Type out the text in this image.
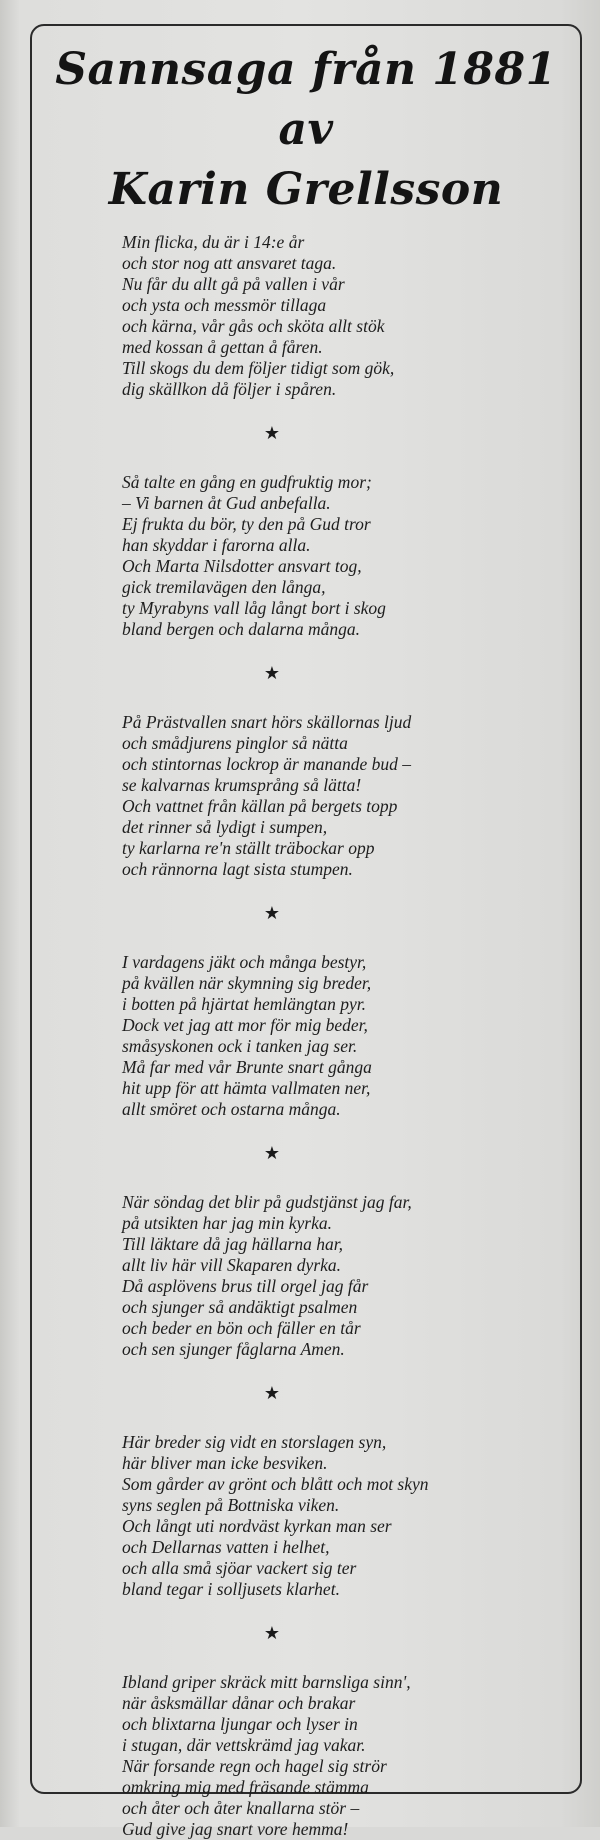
Sannsaga från 1881
av
Karin Grellsson
Min flicka, du är i 14:e år
och stor nog att ansvaret taga.
Nu får du allt gå på vallen i vår
och ysta och messmör tillaga
och kärna, vår gås och sköta allt stök
med kossan å gettan å fåren.
Till skogs du dem följer tidigt som gök,
dig skällkon då följer i spåren.
★
Så talte en gång en gudfruktig mor;
– Vi barnen åt Gud anbefalla.
Ej frukta du bör, ty den på Gud tror
han skyddar i farorna alla.
Och Marta Nilsdotter ansvart tog,
gick tremilavägen den långa,
ty Myrabyns vall låg långt bort i skog
bland bergen och dalarna många.
★
På Prästvallen snart hörs skällornas ljud
och smådjurens pinglor så nätta
och stintornas lockrop är manande bud –
se kalvarnas krumsprång så lätta!
Och vattnet från källan på bergets topp
det rinner så lydigt i sumpen,
ty karlarna re'n ställt träbockar opp
och rännorna lagt sista stumpen.
★
I vardagens jäkt och många bestyr,
på kvällen när skymning sig breder,
i botten på hjärtat hemlängtan pyr.
Dock vet jag att mor för mig beder,
småsyskonen ock i tanken jag ser.
Må far med vår Brunte snart gånga
hit upp för att hämta vallmaten ner,
allt smöret och ostarna många.
★
När söndag det blir på gudstjänst jag far,
på utsikten har jag min kyrka.
Till läktare då jag hällarna har,
allt liv här vill Skaparen dyrka.
Då asplövens brus till orgel jag får
och sjunger så andäktigt psalmen
och beder en bön och fäller en tår
och sen sjunger fåglarna Amen.
★
Här breder sig vidt en storslagen syn,
här bliver man icke besviken.
Som gårder av grönt och blått och mot skyn
syns seglen på Bottniska viken.
Och långt uti nordväst kyrkan man ser
och Dellarnas vatten i helhet,
och alla små sjöar vackert sig ter
bland tegar i solljusets klarhet.
★
Ibland griper skräck mitt barnsliga sinn',
när åsksmällar dånar och brakar
och blixtarna ljungar och lyser in
i stugan, där vettskrämd jag vakar.
När forsande regn och hagel sig strör
omkring mig med fräsande stämma
och åter och åter knallarna stör –
Gud give jag snart vore hemma!
